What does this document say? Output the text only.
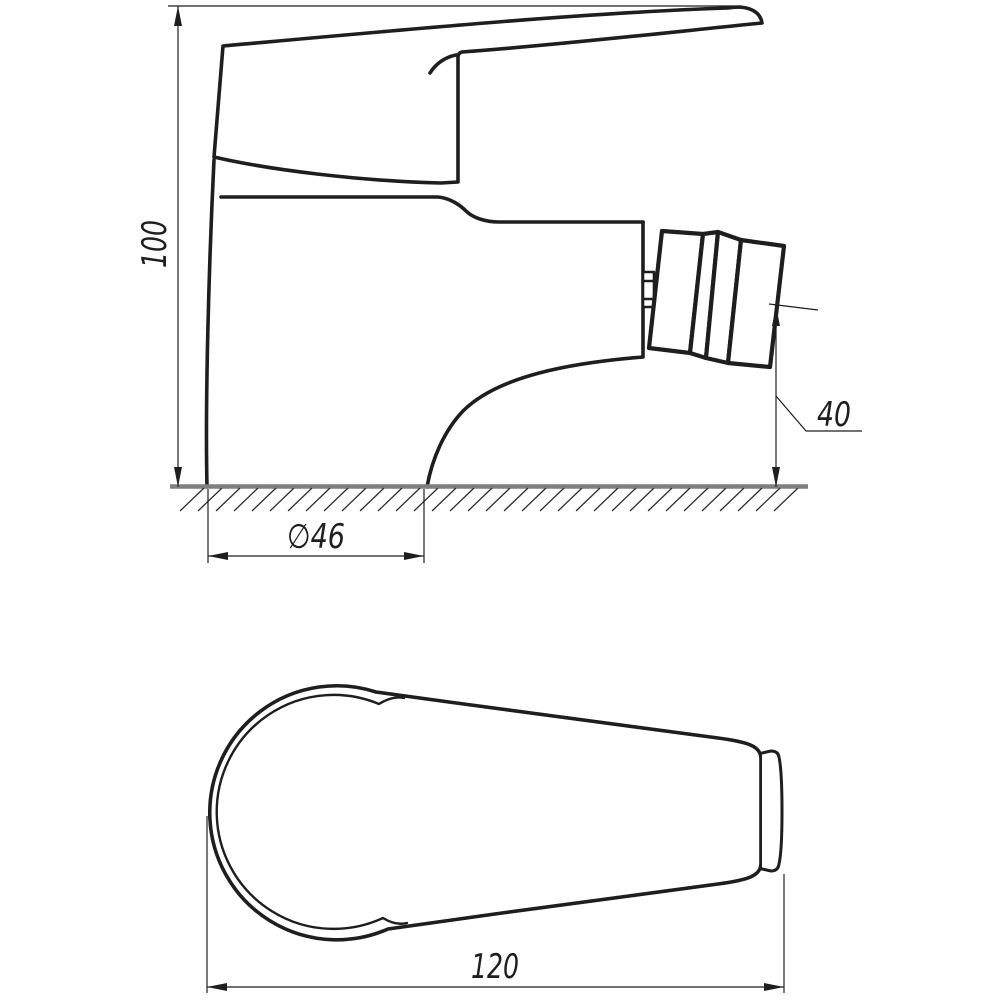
100
∅46
40
120
